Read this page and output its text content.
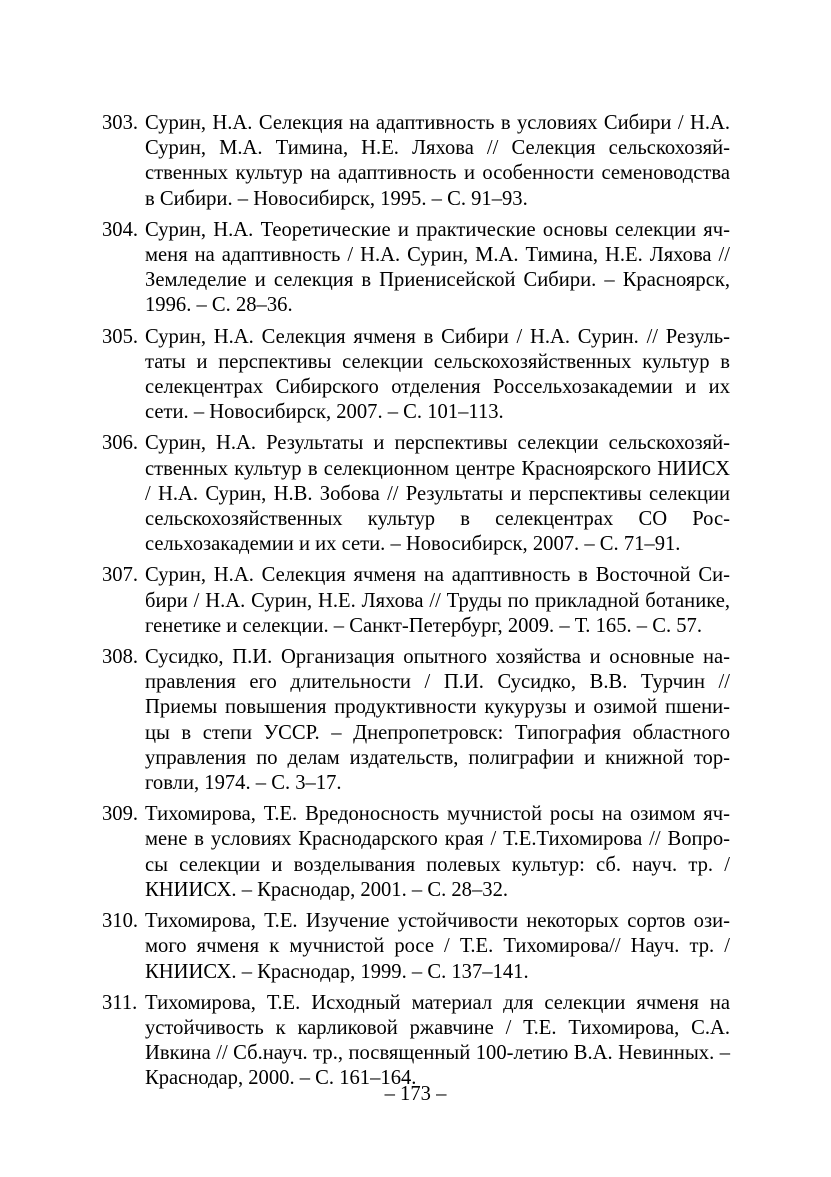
303. Сурин, Н.А. Селекция на адаптивность в условиях Сибири / Н.А. Сурин, М.А. Тимина, Н.Е. Ляхова // Селекция сельскохозяйственных культур на адаптивность и особенности семеноводства в Сибири. – Новосибирск, 1995. – С. 91–93.
304. Сурин, Н.А. Теоретические и практические основы селекции ячменя на адаптивность / Н.А. Сурин, М.А. Тимина, Н.Е. Ляхова // Земледелие и селекция в Приенисейской Сибири. – Красноярск, 1996. – С. 28–36.
305. Сурин, Н.А. Селекция ячменя в Сибири / Н.А. Сурин. // Результаты и перспективы селекции сельскохозяйственных культур в селекцентрах Сибирского отделения Россельхозакадемии и их сети. – Новосибирск, 2007. – С. 101–113.
306. Сурин, Н.А. Результаты и перспективы селекции сельскохозяйственных культур в селекционном центре Красноярского НИИСХ / Н.А. Сурин, Н.В. Зобова // Результаты и перспективы селекции сельскохозяйственных культур в селекцентрах СО Россельхозакадемии и их сети. – Новосибирск, 2007. – С. 71–91.
307. Сурин, Н.А. Селекция ячменя на адаптивность в Восточной Сибири / Н.А. Сурин, Н.Е. Ляхова // Труды по прикладной ботанике, генетике и селекции. – Санкт-Петербург, 2009. – Т. 165. – С. 57.
308. Сусидко, П.И. Организация опытного хозяйства и основные направления его длительности / П.И. Сусидко, В.В. Турчин // Приемы повышения продуктивности кукурузы и озимой пшеницы в степи УССР. – Днепропетровск: Типография областного управления по делам издательств, полиграфии и книжной торговли, 1974. – С. 3–17.
309. Тихомирова, Т.Е. Вредоносность мучнистой росы на озимом ячмене в условиях Краснодарского края / Т.Е.Тихомирова // Вопросы селекции и возделывания полевых культур: сб. науч. тр. / КНИИСХ. – Краснодар, 2001. – С. 28–32.
310. Тихомирова, Т.Е. Изучение устойчивости некоторых сортов озимого ячменя к мучнистой росе / Т.Е. Тихомирова// Науч. тр. / КНИИСХ. – Краснодар, 1999. – С. 137–141.
311. Тихомирова, Т.Е. Исходный материал для селекции ячменя на устойчивость к карликовой ржавчине / Т.Е. Тихомирова, С.А. Ивкина // Сб.науч. тр., посвященный 100-летию В.А. Невинных. – Краснодар, 2000. – С. 161–164.
– 173 –
